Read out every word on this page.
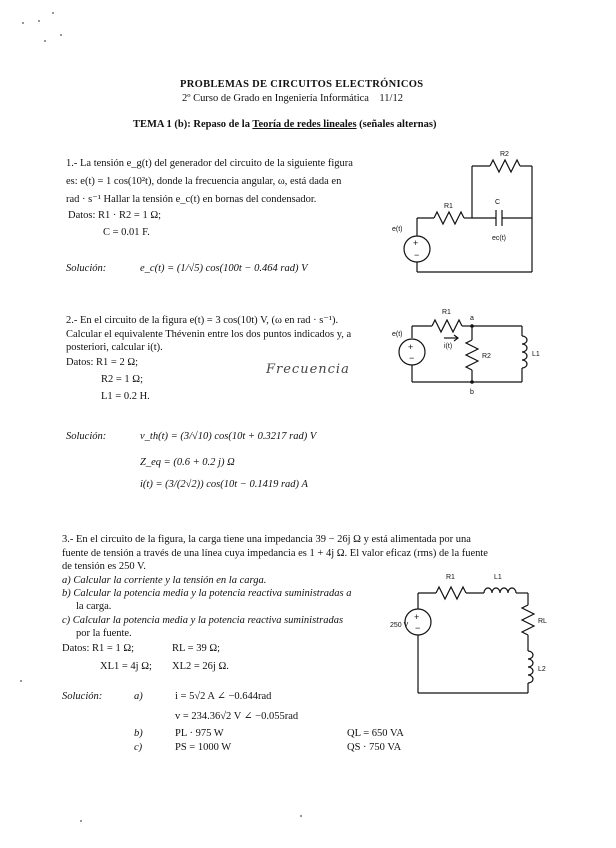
PROBLEMAS DE CIRCUITOS ELECTRÓNICOS
2º Curso de Grado en Ingeniería Informática    11/12
TEMA 1 (b): Repaso de la Teoría de redes lineales (señales alternas)
1.- La tensión e_g(t) del generador del circuito de la siguiente figura
es: e(t) = 1 cos(10²t), donde la frecuencia angular, ω, está dada en
rad · s⁻¹ Hallar la tensión e_c(t) en bornas del condensador.
Datos: R1 · R2 = 1 Ω;
C = 0.01 F.
Solución:	e_c(t) = (1/√5) cos(100t − 0.464 rad) V
+
−
e(t)
R1
R2
C
ec(t)
2.- En el circuito de la figura e(t) = 3 cos(10t) V, (ω en rad · s⁻¹).
Calcular el equivalente Thévenin entre los dos puntos indicados y, a
posteriori, calcular i(t).
Datos: R1 = 2 Ω;
R2 = 1 Ω;
L1 = 0.2 H.
Frecuencia
Solución:	v_th(t) = (3/√10) cos(10t + 0.3217 rad) V
Z_eq = (0.6 + 0.2 j) Ω
i(t) = (3/(2√2)) cos(10t − 0.1419 rad) A
+
−
e(t)
R1
a
b
i(t)
R2	L1
3.- En el circuito de la figura, la carga tiene una impedancia 39 − 26j Ω y está alimentada por una
fuente de tensión a través de una línea cuya impedancia es 1 + 4j Ω. El valor eficaz (rms) de la fuente
de tensión es 250 V.
a) Calcular la corriente y la tensión en la carga.
b) Calcular la potencia media y la potencia reactiva suministradas a
la carga.
c) Calcular la potencia media y la potencia reactiva suministradas
por la fuente.
Datos: R1 = 1 Ω;	RL = 39 Ω;
XL1 = 4j Ω; XL2 = 26j Ω.
Solución:	a)	i = 5√2 A ∠ −0.644rad
v = 234.36√2 V ∠ −0.055rad
b)	PL · 975 W	QL = 650 VA
c)	PS = 1000 W	QS · 750 VA
+
−
250 V
R1	L1
RL
L2
